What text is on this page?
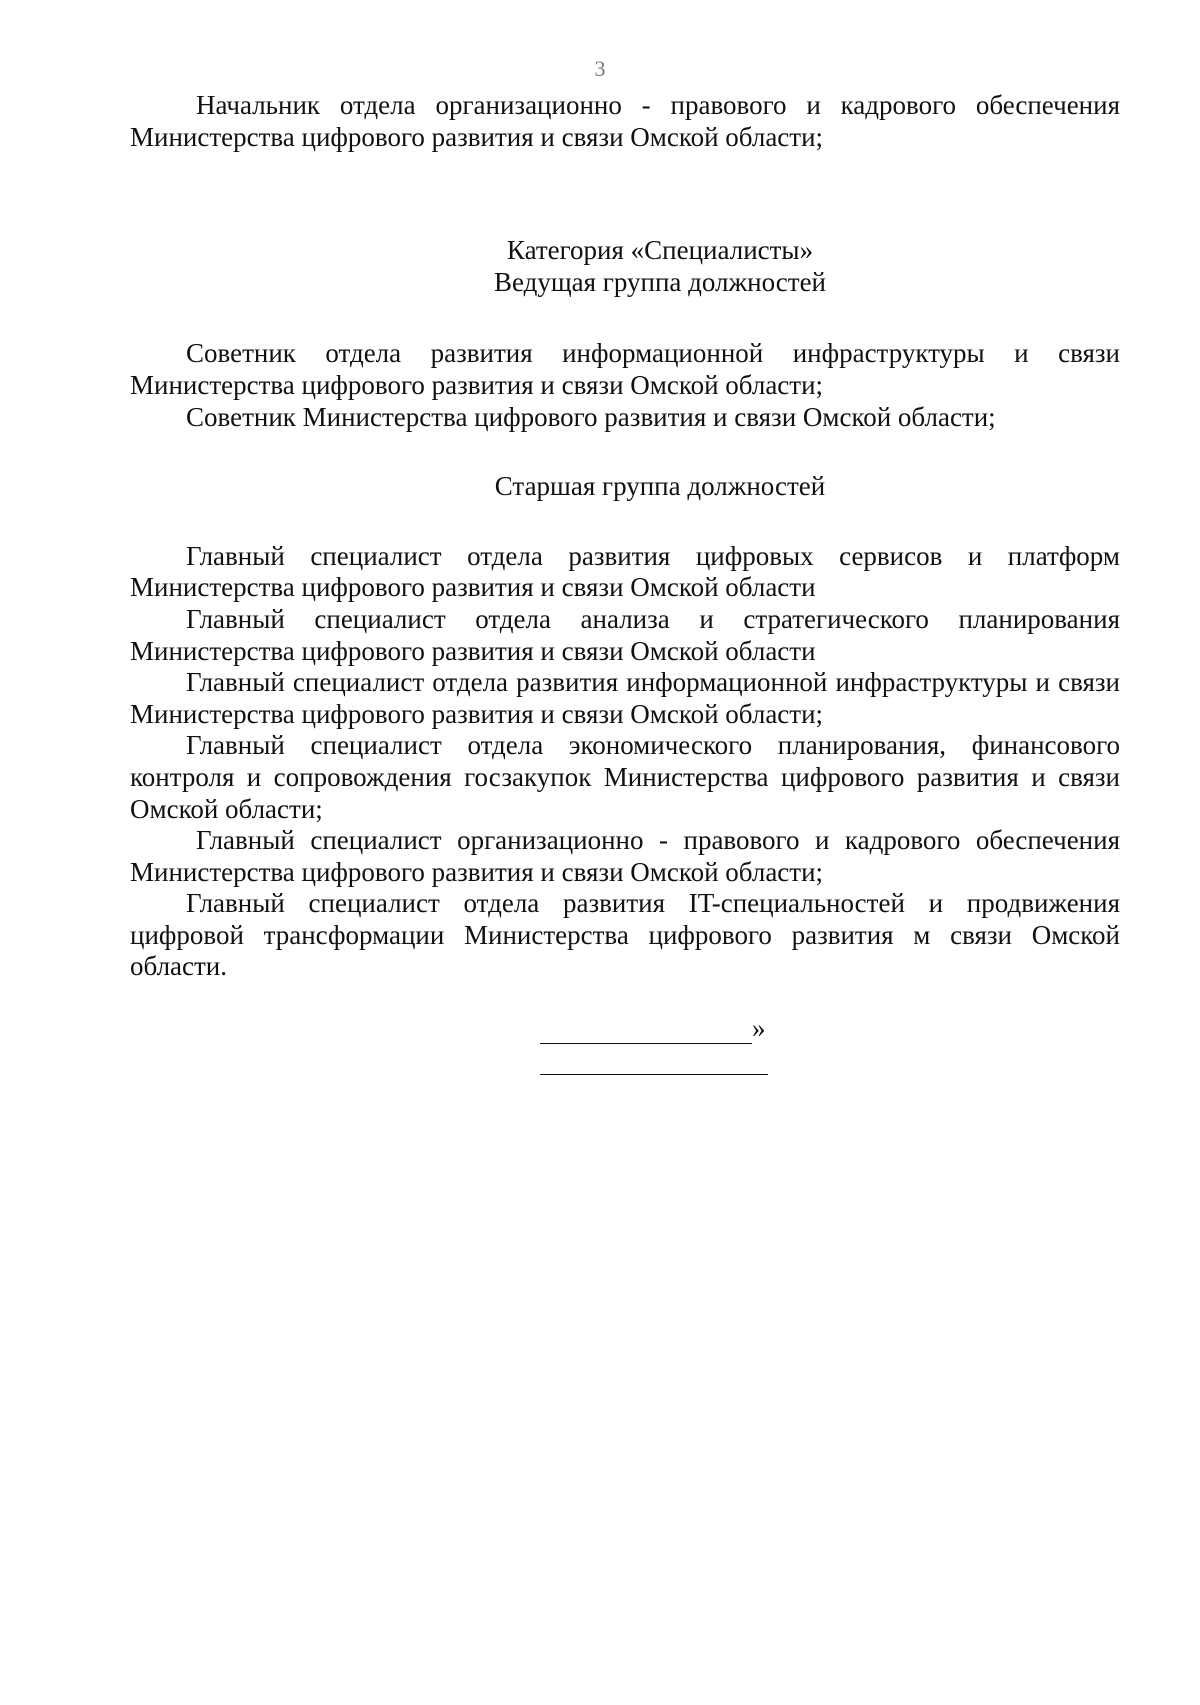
3

Начальник отдела организационно - правового и кадрового обеспечения Министерства цифрового развития и связи Омской области;

Категория «Специалисты»

Ведущая группа должностей

Советник отдела развития информационной инфраструктуры и связи Министерства цифрового развития и связи Омской области;

Советник Министерства цифрового развития и связи Омской области;

Старшая группа должностей

Главный специалист отдела развития цифровых сервисов и платформ Министерства цифрового развития и связи Омской области

Главный специалист отдела анализа и стратегического планирования Министерства цифрового развития и связи Омской области

Главный специалист отдела развития информационной инфраструктуры и связи Министерства цифрового развития и связи Омской области;

Главный специалист отдела экономического планирования, финансового контроля и сопровождения госзакупок Министерства цифрового развития и связи Омской области;

Главный специалист организационно - правового и кадрового обеспечения Министерства цифрового развития и связи Омской области;

Главный специалист отдела развития IT-специальностей и продвижения цифровой трансформации Министерства цифрового развития м связи Омской области.

»
